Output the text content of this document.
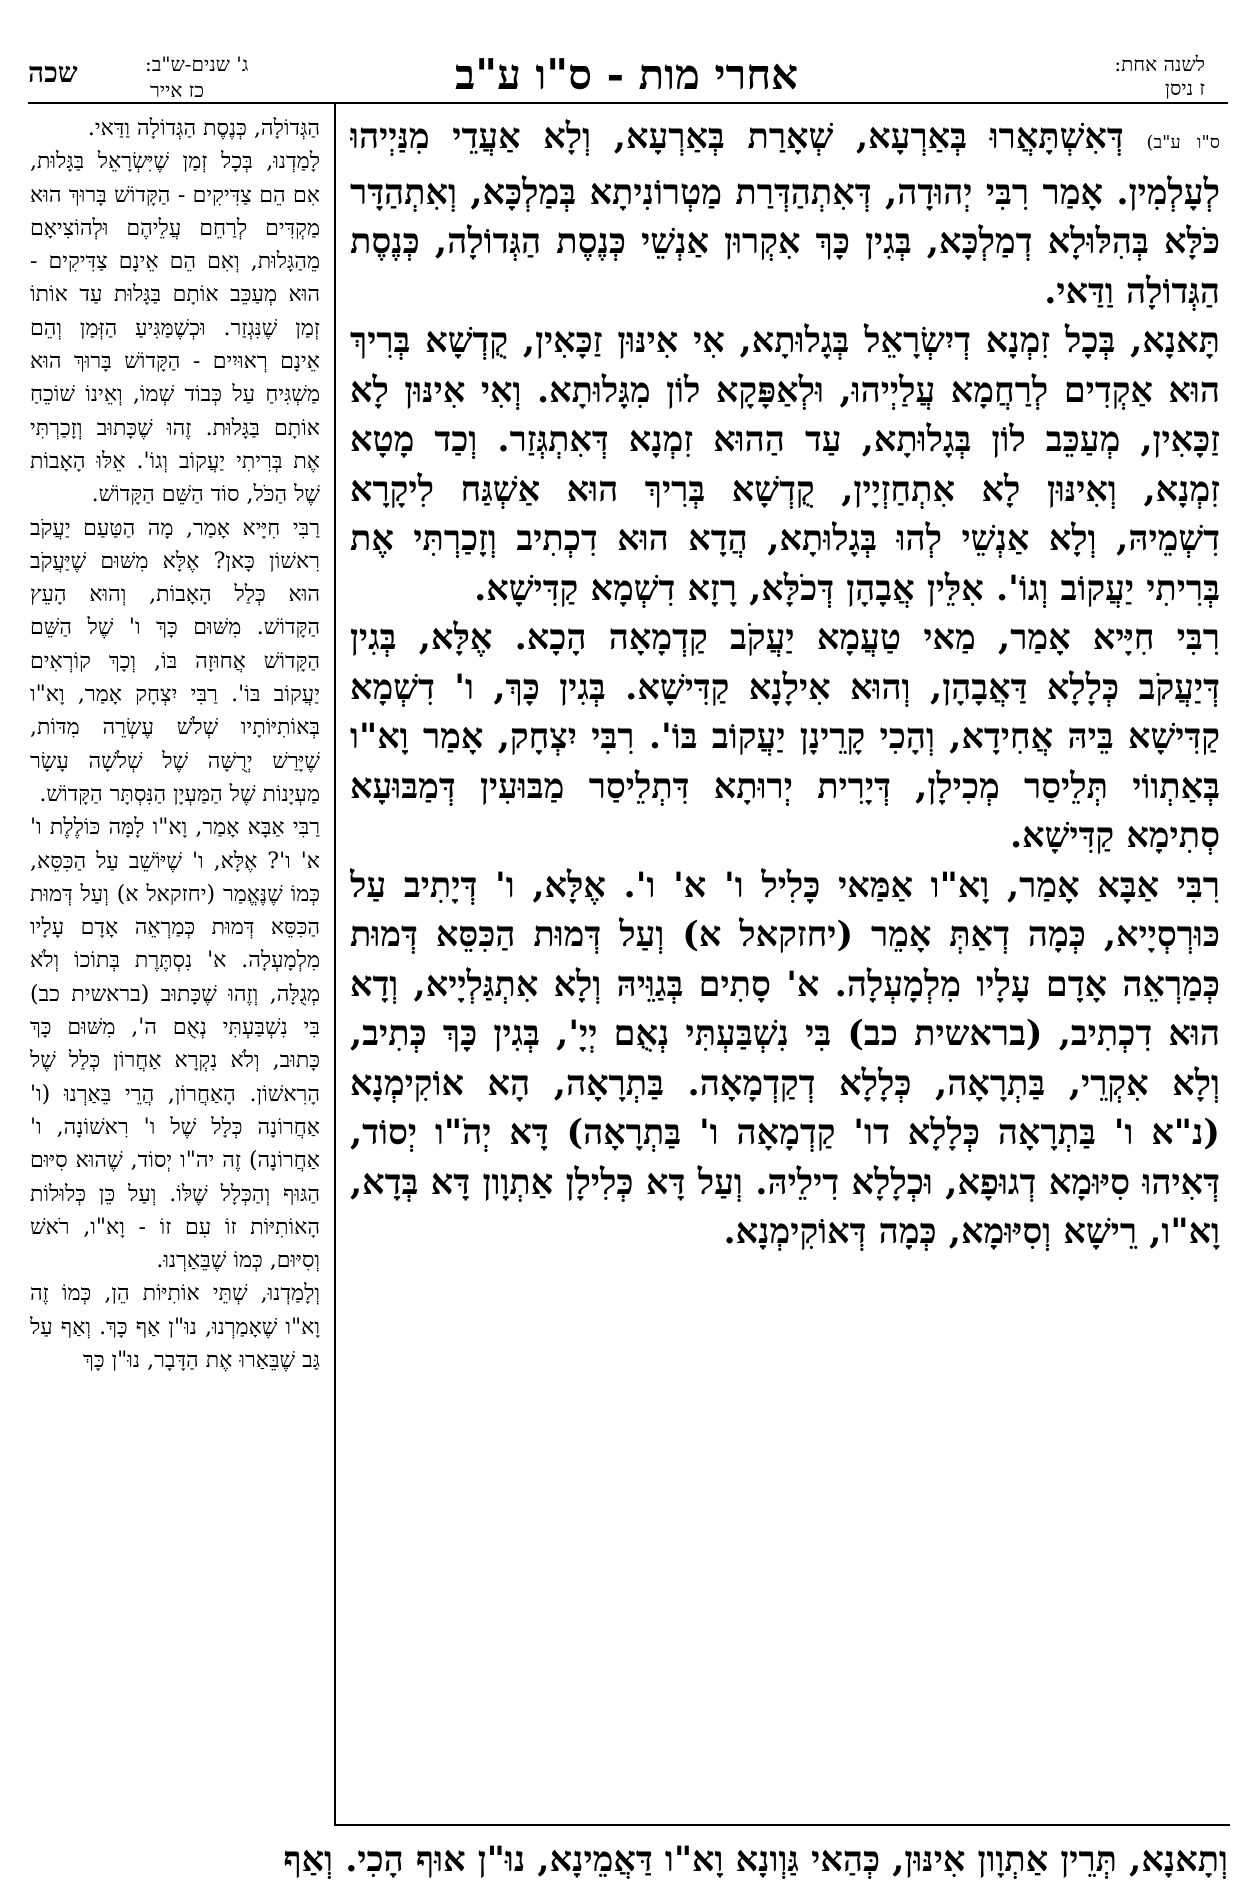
לשנה אחת:
ז ניסן
אחרי מות - ס"ו ע"ב
ג' שנים-ש"ב:
כז אייר
שכה

ס"ו ע"ב) דְּאִשְׁתָּאֲרוּ בְּאַרְעָא, שְׁאָרַת בְּאַרְעָא, וְלָא אַעֲדֵי מִנַּיְיהוּ לְעָלְמִין. אָמַר רִבִּי יְהוּדָה, דְּאִתְהַדְּרַת מַטְרוֹנִיתָא בְּמַלְכָּא, וְאִתְהַדָּר כֹּלָּא בְּהִלּוּלָא דְמַלְכָּא, בְּגִין כָּךְ אִקְרוּן אַנְשֵׁי כְּנֶסֶת הַגְּדוֹלָה, כְּנֶסֶת הַגְּדוֹלָה וַדַּאי.

תָּאנָא, בְּכָל זִמְנָא דְיִשְׂרָאֵל בְּגָלוּתָא, אִי אִינּוּן זַכָּאִין, קֻדְשָׁא בְּרִיךְ הוּא אַקְדִים לְרַחֲמָא עֲלַיְיהוּ, וּלְאַפָּקָא לוֹן מִגָּלוּתָא. וְאִי אִינּוּן לָא זַכָּאִין, מְעַכֵּב לוֹן בְּגָלוּתָא, עַד הַהוּא זִמְנָא דְּאִתְגְּזַר. וְכַד מָטָא זִמְנָא, וְאִינּוּן לָא אִתְחַזְיָין, קֻדְשָׁא בְּרִיךְ הוּא אַשְׁגַּח לִיקָרָא דִשְׁמֵיהּ, וְלָא אַנְשֵׁי לְהוּ בְּגָלוּתָא, הֲדָא הוּא דִכְתִיב וְזָכַרְתִּי אֶת בְּרִיתִי יַעֲקוֹב וְגוֹ'. אִלֵּין אֲבָהָן דְּכֹלָּא, רָזָא דִשְׁמָא קַדִּישָׁא.

רִבִּי חִיָּיא אָמַר, מַאי טַעֲמָא יַעֲקֹב קַדְמָאָה הָכָא. אֶלָּא, בְּגִין דְּיַעֲקֹב כְּלָלָא דַּאֲבָהָן, וְהוּא אִילָנָא קַדִּישָׁא. בְּגִין כָּךְ, ו' דִשְׁמָא קַדִּישָׁא בֵּיהּ אֲחִידָא, וְהָכִי קָרֵינָן יַעֲקוֹב בּוֹ'. רִבִּי יִצְחָק, אָמַר וָא"ו בְּאַתְווֹי תְּלֵיסַר מְכִילָן, דְּיָרִית יְרוּתָא דִּתְלֵיסַר מַבּוּעִין דְּמַבּוּעָא סְתִימָא קַדִּישָׁא.

רִבִּי אַבָּא אָמַר, וָא"ו אַמַּאי כָּלִיל ו' א' ו'. אֶלָּא, ו' דְּיָתִיב עַל כּוּרְסְיָיא, כְּמָה דְאַתְּ אָמֵר (יחזקאל א) וְעַל דְּמוּת הַכִּסֵּא דְּמוּת כְּמַרְאֵה אָדָם עָלָיו מִלְמָעְלָה. א' סָתִים בְּגַוֵּיהּ וְלָא אִתְגַּלְיָיא, וְדָא הוּא דִכְתִיב, (בראשית כב) בִּי נִשְׁבַּעְתִּי נְאֻם יְיָ', בְּגִין כָּךְ כְּתִיב, וְלָא אִקְרֵי, בַּתְרָאָה, כְּלָלָא דְקַדְמָאָה. בַּתְרָאָה, הָא אוֹקִימְנָא (נ"א ו' בַּתְרָאָה כְּלָלָא דו' קַדְמָאָה ו' בַּתְרָאָה) דָּא יְהֹ"ו יְסוֹד, דְּאִיהוּ סִיּוּמָא דְגוּפָא, וּכְלָלָא דִילֵיהּ. וְעַל דָּא כְּלִילָן אַתְוָון דָּא בְּדָא, וָא"ו, רֵישָׁא וְסִיּוּמָא, כְּמָה דְּאוֹקִימְנָא.

הַגְּדוֹלָה, כְּנֶסֶת הַגְּדוֹלָה וַדַּאי.

לָמַדְנוּ, בְּכָל זְמַן שֶׁיִּשְׂרָאֵל בַּגָּלוּת, אִם הֵם צַדִּיקִים - הַקָּדוֹשׁ בָּרוּךְ הוּא מַקְדִּים לְרַחֵם עֲלֵיהֶם וּלְהוֹצִיאָם מֵהַגָּלוּת, וְאִם הֵם אֵינָם צַדִּיקִים - הוּא מְעַכֵּב אוֹתָם בַּגָּלוּת עַד אוֹתוֹ זְמַן שֶׁנִּגְזַר. וּכְשֶׁמַּגִּיעַ הַזְּמַן וְהֵם אֵינָם רְאוּיִים - הַקָּדוֹשׁ בָּרוּךְ הוּא מַשְׁגִּיחַ עַל כְּבוֹד שְׁמוֹ, וְאֵינוֹ שׁוֹכֵחַ אוֹתָם בַּגָּלוּת. זֶהוּ שֶׁכָּתוּב וְזָכַרְתִּי אֶת בְּרִיתִי יַעֲקוֹב וְגוֹ'. אֵלּוּ הָאָבוֹת שֶׁל הַכֹּל, סוֹד הַשֵּׁם הַקָּדוֹשׁ.

רַבִּי חִיָּיא אָמַר, מָה הַטַּעַם יַעֲקֹב רִאשׁוֹן כָּאן? אֶלָּא מִשּׁוּם שֶׁיַּעֲקֹב הוּא כְּלַל הָאָבוֹת, וְהוּא הָעֵץ הַקָּדוֹשׁ. מִשּׁוּם כָּךְ ו' שֶׁל הַשֵּׁם הַקָּדוֹשׁ אֲחוּזָה בּוֹ, וְכָךְ קוֹרְאִים יַעֲקוֹב בּוֹ'. רַבִּי יִצְחָק אָמַר, וָא"ו בְּאוֹתִיּוֹתָיו שְׁלֹשׁ עֶשְׂרֵה מִדּוֹת, שֶׁיָּרַשׁ יְרֻשָּׁה שֶׁל שְׁלֹשָׁה עָשָׂר מַעְיָנוֹת שֶׁל הַמַּעְיָן הַנִּסְתָּר הַקָּדוֹשׁ.

רַבִּי אַבָּא אָמַר, וָא"ו לָמָּה כּוֹלֶלֶת ו' א' ו'? אֶלָּא, ו' שֶׁיּוֹשֵׁב עַל הַכִּסֵּא, כְּמוֹ שֶׁנֶּאֱמַר (יחזקאל א) וְעַל דְּמוּת הַכִּסֵּא דְּמוּת כְּמַרְאֵה אָדָם עָלָיו מִלְמָעְלָה. א' נִסְתֶּרֶת בְּתוֹכוֹ וְלֹא מְגֻלָּה, וְזֶהוּ שֶׁכָּתוּב (בראשית כב) בִּי נִשְׁבַּעְתִּי נְאֻם ה', מִשּׁוּם כָּךְ כָּתוּב, וְלֹא נִקְרָא אַחֲרוֹן כְּלַל שֶׁל הָרִאשׁוֹן. הָאַחֲרוֹן, הֲרֵי בֵּאַרְנוּ (ו' אַחֲרוֹנָה כְּלָל שֶׁל ו' רִאשׁוֹנָה, ו' אַחֲרוֹנָה) זֶה יה"ו יְסוֹד, שֶׁהוּא סִיּוּם הַגּוּף וְהַכְּלָל שֶׁלּוֹ. וְעַל כֵּן כְּלוּלוֹת הָאוֹתִיּוֹת זוֹ עִם זוֹ - וָא"ו, רֹאשׁ וְסִיּוּם, כְּמוֹ שֶׁבֵּאַרְנוּ.

וְלָמַדְנוּ, שְׁתֵּי אוֹתִיּוֹת הֵן, כְּמוֹ זֶה וָא"ו שֶׁאָמַרְנוּ, נוּ"ן אַף כָּךְ. וְאַף עַל גַּב שֶׁבֵּאַרוּ אֶת הַדָּבָר, נוּ"ן כָּךְ

וְתָאנָא, תְּרֵין אַתְוָון אִינּוּן, כְּהַאי גַּוְונָא וָא"ו דַּאֲמֵינָא, נוּ"ן אוּף הָכִי. וְאַף
